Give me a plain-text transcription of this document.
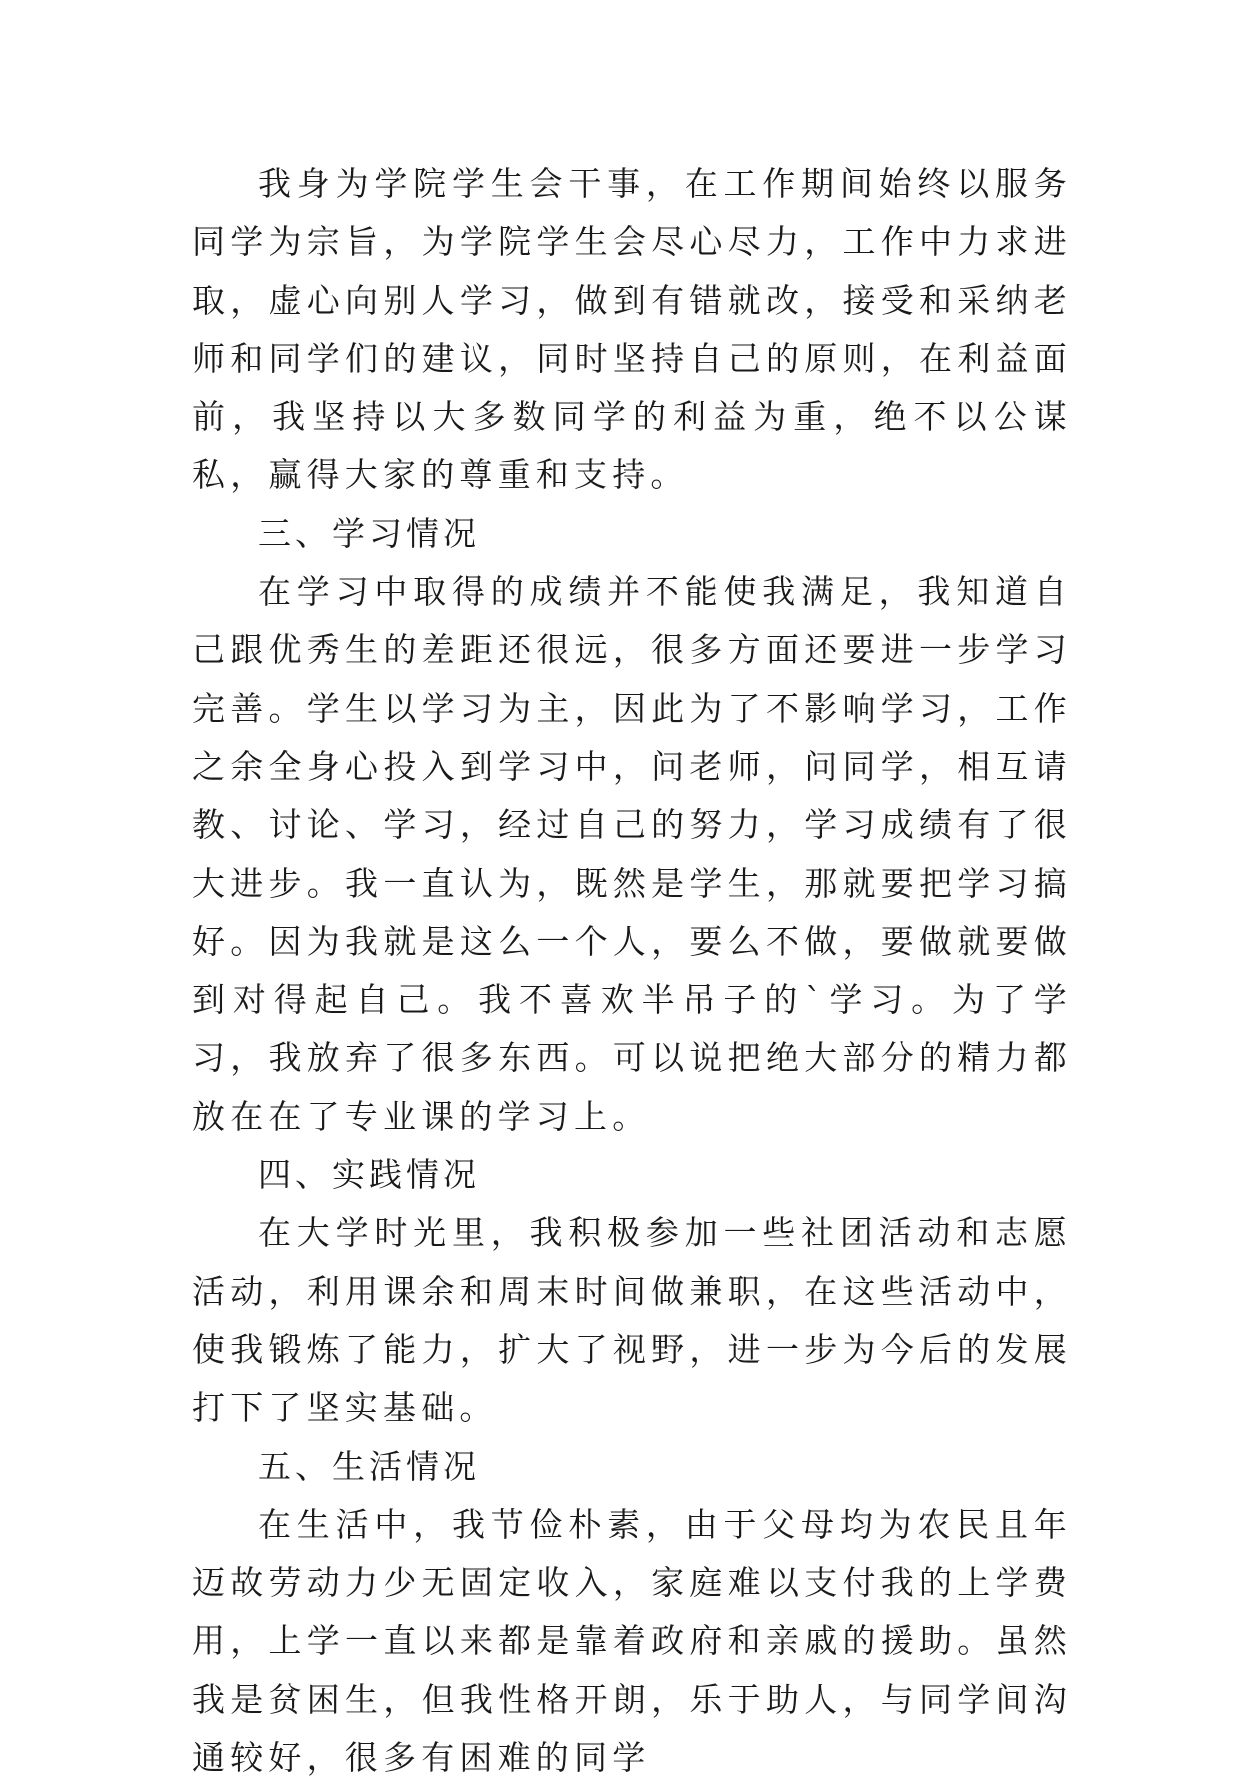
我身为学院学生会干事，在工作期间始终以服务同学为宗旨，为学院学生会尽心尽力，工作中力求进取，虚心向别人学习，做到有错就改，接受和采纳老师和同学们的建议，同时坚持自己的原则，在利益面前，我坚持以大多数同学的利益为重，绝不以公谋私，赢得大家的尊重和支持。

三、学习情况

在学习中取得的成绩并不能使我满足，我知道自己跟优秀生的差距还很远，很多方面还要进一步学习完善。学生以学习为主，因此为了不影响学习，工作之余全身心投入到学习中，问老师，问同学，相互请教、讨论、学习，经过自己的努力，学习成绩有了很大进步。我一直认为，既然是学生，那就要把学习搞好。因为我就是这么一个人，要么不做，要做就要做到对得起自己。我不喜欢半吊子的`学习。为了学习，我放弃了很多东西。可以说把绝大部分的精力都放在在了专业课的学习上。

四、实践情况

在大学时光里，我积极参加一些社团活动和志愿活动，利用课余和周末时间做兼职，在这些活动中，使我锻炼了能力，扩大了视野，进一步为今后的发展打下了坚实基础。

五、生活情况

在生活中，我节俭朴素，由于父母均为农民且年迈故劳动力少无固定收入，家庭难以支付我的上学费用，上学一直以来都是靠着政府和亲戚的援助。虽然我是贫困生，但我性格开朗，乐于助人，与同学间沟通较好，很多有困难的同学
